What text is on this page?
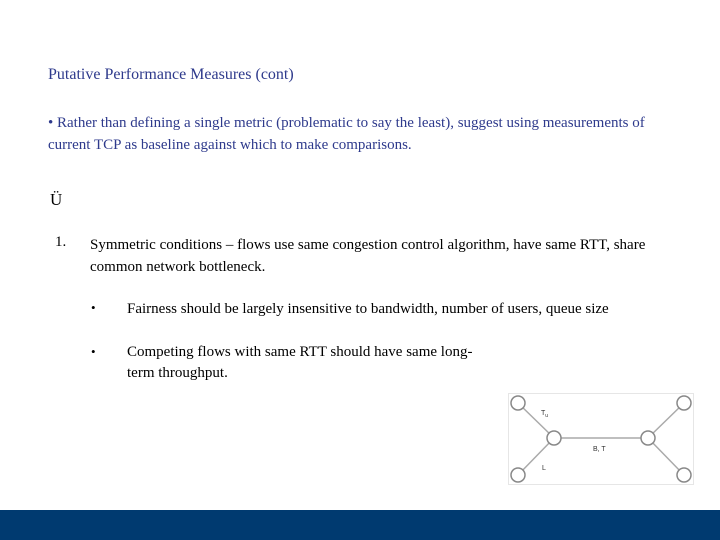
Putative Performance Measures (cont)
• Rather than defining a single metric (problematic to say the least), suggest using measurements of current TCP as baseline against which to make comparisons.
Ü
1. Symmetric conditions – flows use same congestion control algorithm, have same RTT, share common network bottleneck.
• Fairness should be largely insensitive to bandwidth, number of users, queue size
• Competing flows with same RTT should have same long-term throughput.
$T_u$
B, T
L
